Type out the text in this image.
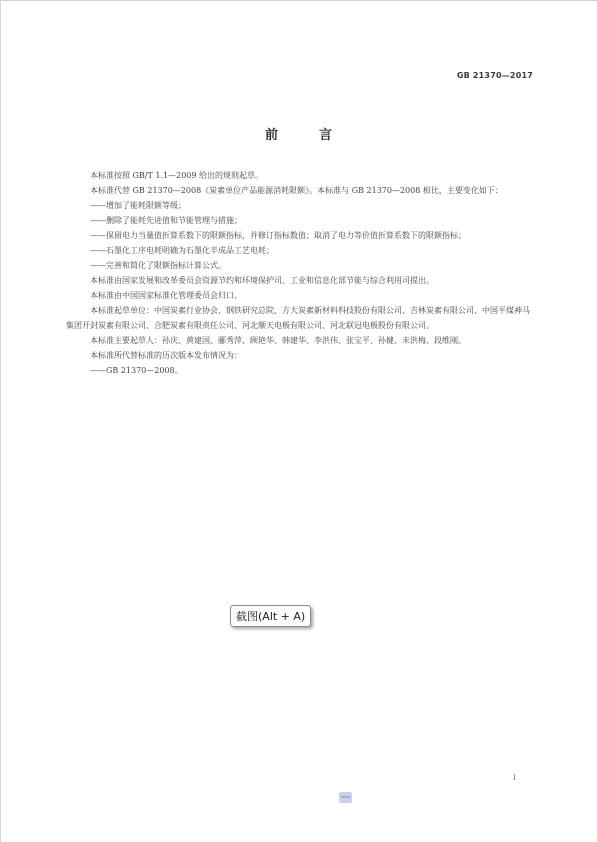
GB 21370—2017
前　言

本标准按照 GB/T 1.1—2009 给出的规则起草。

本标准代替 GB 21370—2008《炭素单位产品能源消耗限额》。本标准与 GB 21370—2008 相比，主要变化如下：

—— 增加了能耗限额等级；
—— 删除了能耗先进值和节能管理与措施；
—— 保留电力当量值折算系数下的限额指标，并修订指标数值；取消了电力等价值折算系数下的限额指标；
—— 石墨化工序电耗明确为石墨化半成品工艺电耗；
—— 完善和简化了限额指标计算公式。

本标准由国家发展和改革委员会资源节约和环境保护司、工业和信息化部节能与综合利用司提出。

本标准由中国国家标准化管理委员会归口。

本标准起草单位：中国炭素行业协会、钢铁研究总院、方大炭素新材料科技股份有限公司、吉林炭素有限公司、中国平煤神马集团开封炭素有限公司、合肥炭素有限责任公司、河北顺天电极有限公司、河北联冠电极股份有限公司。

本标准主要起草人：孙庆、黄建国、郦秀萍、顾艳华、韩建华、李洪伟、张宝平、孙健、未洪梅、段维刚。

本标准所代替标准的历次版本发布情况为：

—— GB 21370—2008。
截图(Alt + A)
I
